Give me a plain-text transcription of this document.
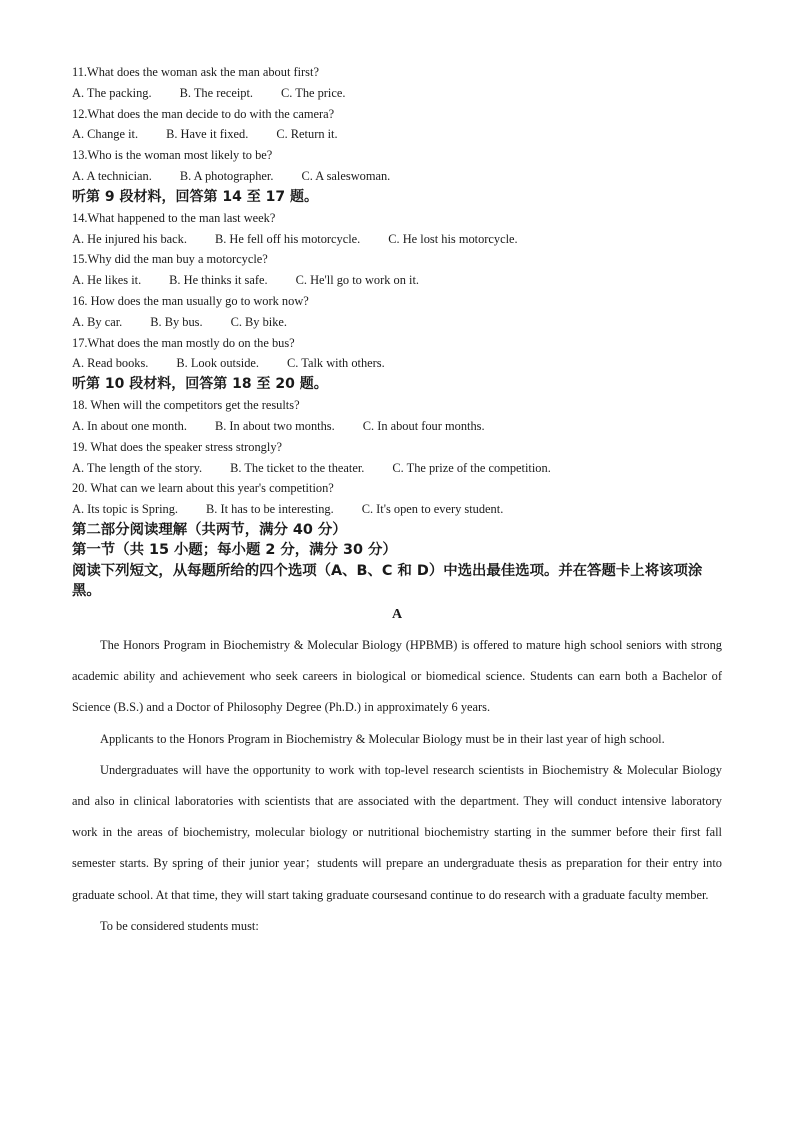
11.What does the woman ask the man about first?
A. The packing. B. The receipt. C. The price.
12.What does the man decide to do with the camera?
A. Change it. B. Have it fixed. C. Return it.
13.Who is the woman most likely to be?
A. A technician. B. A photographer. C. A saleswoman.
听第 9 段材料，回答第 14 至 17 题。
14.What happened to the man last week?
A. He injured his back. B. He fell off his motorcycle. C. He lost his motorcycle.
15.Why did the man buy a motorcycle?
A. He likes it. B. He thinks it safe. C. He'll go to work on it.
16. How does the man usually go to work now?
A. By car. B. By bus. C. By bike.
17.What does the man mostly do on the bus?
A. Read books. B. Look outside. C. Talk with others.
听第 10 段材料，回答第 18 至 20 题。
18. When will the competitors get the results?
A. In about one month. B. In about two months. C. In about four months.
19. What does the speaker stress strongly?
A. The length of the story. B. The ticket to the theater. C. The prize of the competition.
20. What can we learn about this year's competition?
A. Its topic is Spring. B. It has to be interesting. C. It's open to every student.
第二部分阅读理解（共两节，满分 40 分）
第一节（共 15 小题；每小题 2 分，满分 30 分）
阅读下列短文，从每题所给的四个选项（A、B、C 和 D）中选出最佳选项。并在答题卡上将该项涂黑。
A

The Honors Program in Biochemistry & Molecular Biology (HPBMB) is offered to mature high school seniors with strong academic ability and achievement who seek careers in biological or biomedical science. Students can earn both a Bachelor of Science (B.S.) and a Doctor of Philosophy Degree (Ph.D.) in approximately 6 years.

Applicants to the Honors Program in Biochemistry & Molecular Biology must be in their last year of high school.

Undergraduates will have the opportunity to work with top-level research scientists in Biochemistry & Molecular Biology and also in clinical laboratories with scientists that are associated with the department. They will conduct intensive laboratory work in the areas of biochemistry, molecular biology or nutritional biochemistry starting in the summer before their first fall semester starts. By spring of their junior year；students will prepare an undergraduate thesis as preparation for their entry into graduate school. At that time, they will start taking graduate coursesand continue to do research with a graduate faculty member.

To be considered students must:
